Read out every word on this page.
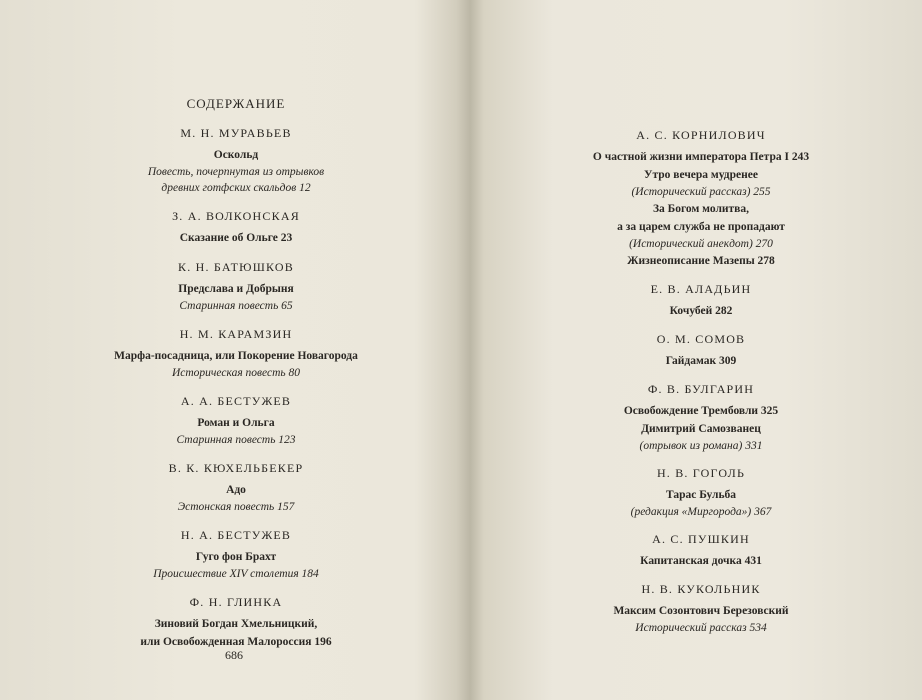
СОДЕРЖАНИЕ
М. Н. МУРАВЬЕВ
Оскольд
Повесть, почерпнутая из отрывков
древних готфских скальдов 12
З. А. ВОЛКОНСКАЯ
Сказание об Ольге 23
К. Н. БАТЮШКОВ
Предслава и Добрыня
Старинная повесть 65
Н. М. КАРАМЗИН
Марфа-посадница, или Покорение Новагорода
Историческая повесть 80
А. А. БЕСТУЖЕВ
Роман и Ольга
Старинная повесть 123
В. К. КЮХЕЛЬБЕКЕР
Адо
Эстонская повесть 157
Н. А. БЕСТУЖЕВ
Гуго фон Брахт
Происшествие XIV столетия 184
Ф. Н. ГЛИНКА
Зиновий Богдан Хмельницкий,
или Освобожденная Малороссия 196
686
А. С. КОРНИЛОВИЧ
О частной жизни императора Петра I 243
Утро вечера мудренее
(Исторический рассказ) 255
За Богом молитва,
а за царем служба не пропадают
(Исторический анекдот) 270
Жизнеописание Мазепы 278
Е. В. АЛАДЬИН
Кочубей 282
О. М. СОМОВ
Гайдамак 309
Ф. В. БУЛГАРИН
Освобождение Трембовли 325
Димитрий Самозванец
(отрывок из романа) 331
Н. В. ГОГОЛЬ
Тарас Бульба
(редакция «Миргорода») 367
А. С. ПУШКИН
Капитанская дочка 431
Н. В. КУКОЛЬНИК
Максим Созонтович Березовский
Исторический рассказ 534
